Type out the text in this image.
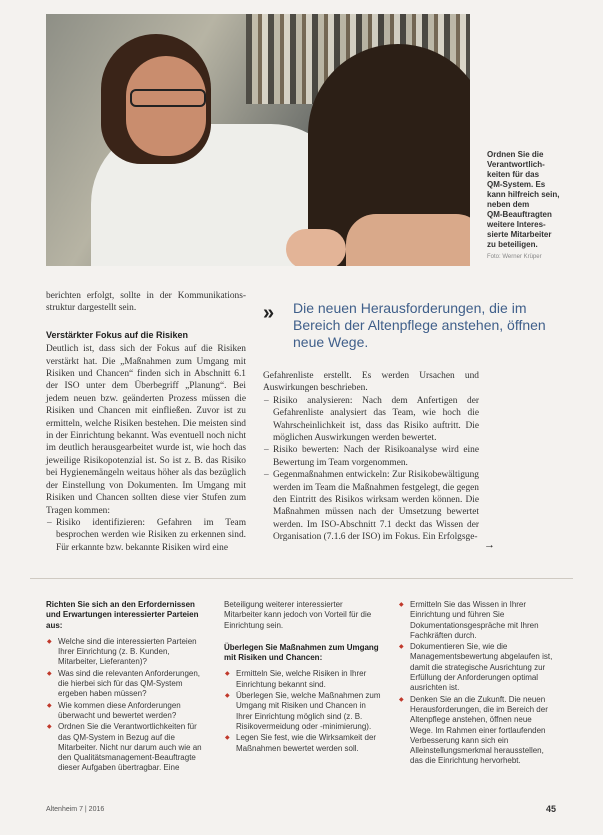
Ordnen Sie die
Verantwortlich-
keiten für das
QM-System. Es
kann hilfreich sein,
neben dem
QM-Beauftragten
weitere Interes-
sierte Mitarbeiter
zu beteiligen.
Foto: Werner Krüper

berichten erfolgt, sollte in der Kommunikations-struktur dargestellt sein.

Verstärkter Fokus auf die Risiken

Deutlich ist, dass sich der Fokus auf die Risiken verstärkt hat. Die „Maßnahmen zum Umgang mit Risiken und Chancen“ finden sich in Abschnitt 6.1 der ISO unter dem Überbegriff „Planung“. Bei jedem neuen bzw. geänderten Prozess müssen die Risiken und Chancen mit einfließen. Zuvor ist zu ermitteln, welche Risiken bestehen. Die meisten sind in der Einrichtung bekannt. Was eventuell noch nicht im deutlich herausgearbeitet wurde ist, wie hoch das jeweilige Risikopotenzial ist. So ist z. B. das Risiko bei Hygienemängeln weitaus höher als das bezüglich der Einstellung von Dokumenten. Im Umgang mit Risiken und Chancen sollten diese vier Stufen zum Tragen kommen:

– Risiko identifizieren: Gefahren im Team besprochen werden wie Risiken zu erkennen sind. Für erkannte bzw. bekannte Risiken wird eine
» Die neuen Herausforderungen, die im Bereich der Altenpflege anstehen, öffnen neue Wege.

Gefahrenliste erstellt. Es werden Ursachen und Auswirkungen beschrieben.

– Risiko analysieren: Nach dem Anfertigen der Gefahrenliste analysiert das Team, wie hoch die Wahrscheinlichkeit ist, dass das Risiko auftritt. Die möglichen Auswirkungen werden bewertet.
– Risiko bewerten: Nach der Risikoanalyse wird eine Bewertung im Team vorgenommen.
– Gegenmaßnahmen entwickeln: Zur Risikobewältigung werden im Team die Maßnahmen festgelegt, die gegen den Eintritt des Risikos wirksam werden können. Die Maßnahmen müssen nach der Umsetzung bewertet werden. Im ISO-Abschnitt 7.1 deckt das Wissen der Organisation (7.1.6 der ISO) im Fokus. Ein Erfolgsge-
→
Richten Sie sich an den Erfordernissen und Erwartungen interessierter Parteien aus:
◆ Welche sind die interessierten Parteien Ihrer Einrichtung (z. B. Kunden, Mitarbeiter, Lieferanten)?
◆ Was sind die relevanten Anforderungen, die hierbei sich für das QM-System ergeben haben müssen?
◆ Wie kommen diese Anforderungen überwacht und bewertet werden?
◆ Ordnen Sie die Verantwortlichkeiten für das QM-System in Bezug auf die Mitarbeiter. Nicht nur darum auch wie an den Qualitätsmanagement-Beauftragte dieser Aufgaben übertragbar. Eine
Beteiligung weiterer interessierter Mitarbeiter kann jedoch von Vorteil für die Einrichtung sein.
Überlegen Sie Maßnahmen zum Umgang mit Risiken und Chancen:
◆ Ermitteln Sie, welche Risiken in Ihrer Einrichtung bekannt sind.
◆ Überlegen Sie, welche Maßnahmen zum Umgang mit Risiken und Chancen in Ihrer Einrichtung möglich sind (z. B. Risikovermeidung oder -minimierung).
◆ Legen Sie fest, wie die Wirksamkeit der Maßnahmen bewertet werden soll.
◆ Ermitteln Sie das Wissen in Ihrer Einrichtung und führen Sie Dokumentationsgespräche mit Ihren Fachkräften durch.
◆ Dokumentieren Sie, wie die Managementsbewertung abgelaufen ist, damit die strategische Ausrichtung zur Erfüllung der Anforderungen optimal ausrichten ist.
◆ Denken Sie an die Zukunft. Die neuen Herausforderungen, die im Bereich der Altenpflege anstehen, öffnen neue Wege. Im Rahmen einer fortlaufenden Verbesserung kann sich ein Alleinstellungsmerkmal herausstellen, das die Einrichtung hervorhebt.
Altenheim 7 | 2016	45
